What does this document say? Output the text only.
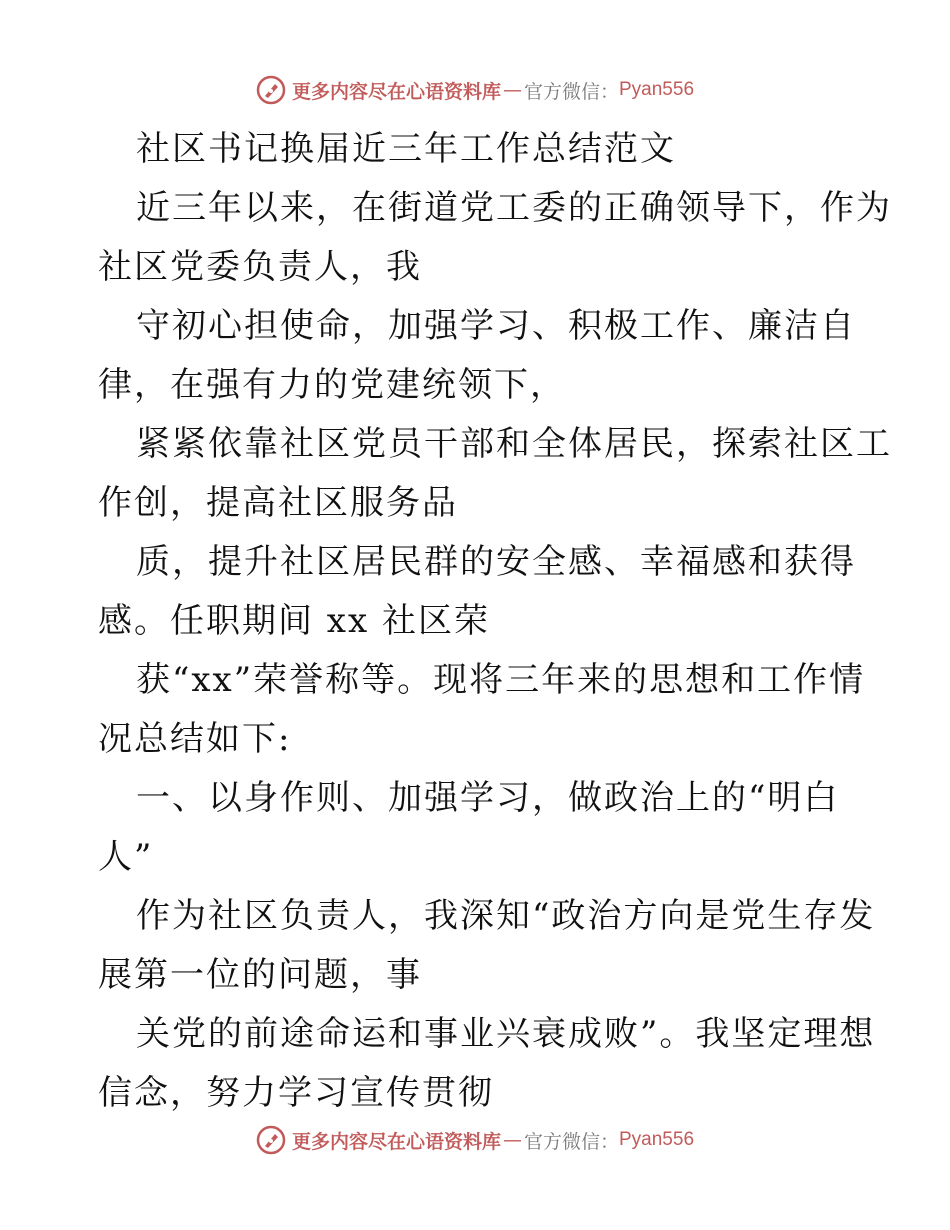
更多内容尽在心语资料库 — 官方微信： Pyan556
社区书记换届近三年工作总结范文
近三年以来，在街道党工委的正确领导下，作为
社区党委负责人，我
守初心担使命，加强学习、积极工作、廉洁自
律，在强有力的党建统领下，
紧紧依靠社区党员干部和全体居民，探索社区工
作创，提高社区服务品
质，提升社区居民群的安全感、幸福感和获得
感。任职期间 xx 社区荣
获“xx”荣誉称等。现将三年来的思想和工作情
况总结如下:
一、以身作则、加强学习，做政治上的“明白
人”
作为社区负责人，我深知“政治方向是党生存发
展第一位的问题，事
关党的前途命运和事业兴衰成败”。我坚定理想
信念，努力学习宣传贯彻
更多内容尽在心语资料库 — 官方微信： Pyan556
